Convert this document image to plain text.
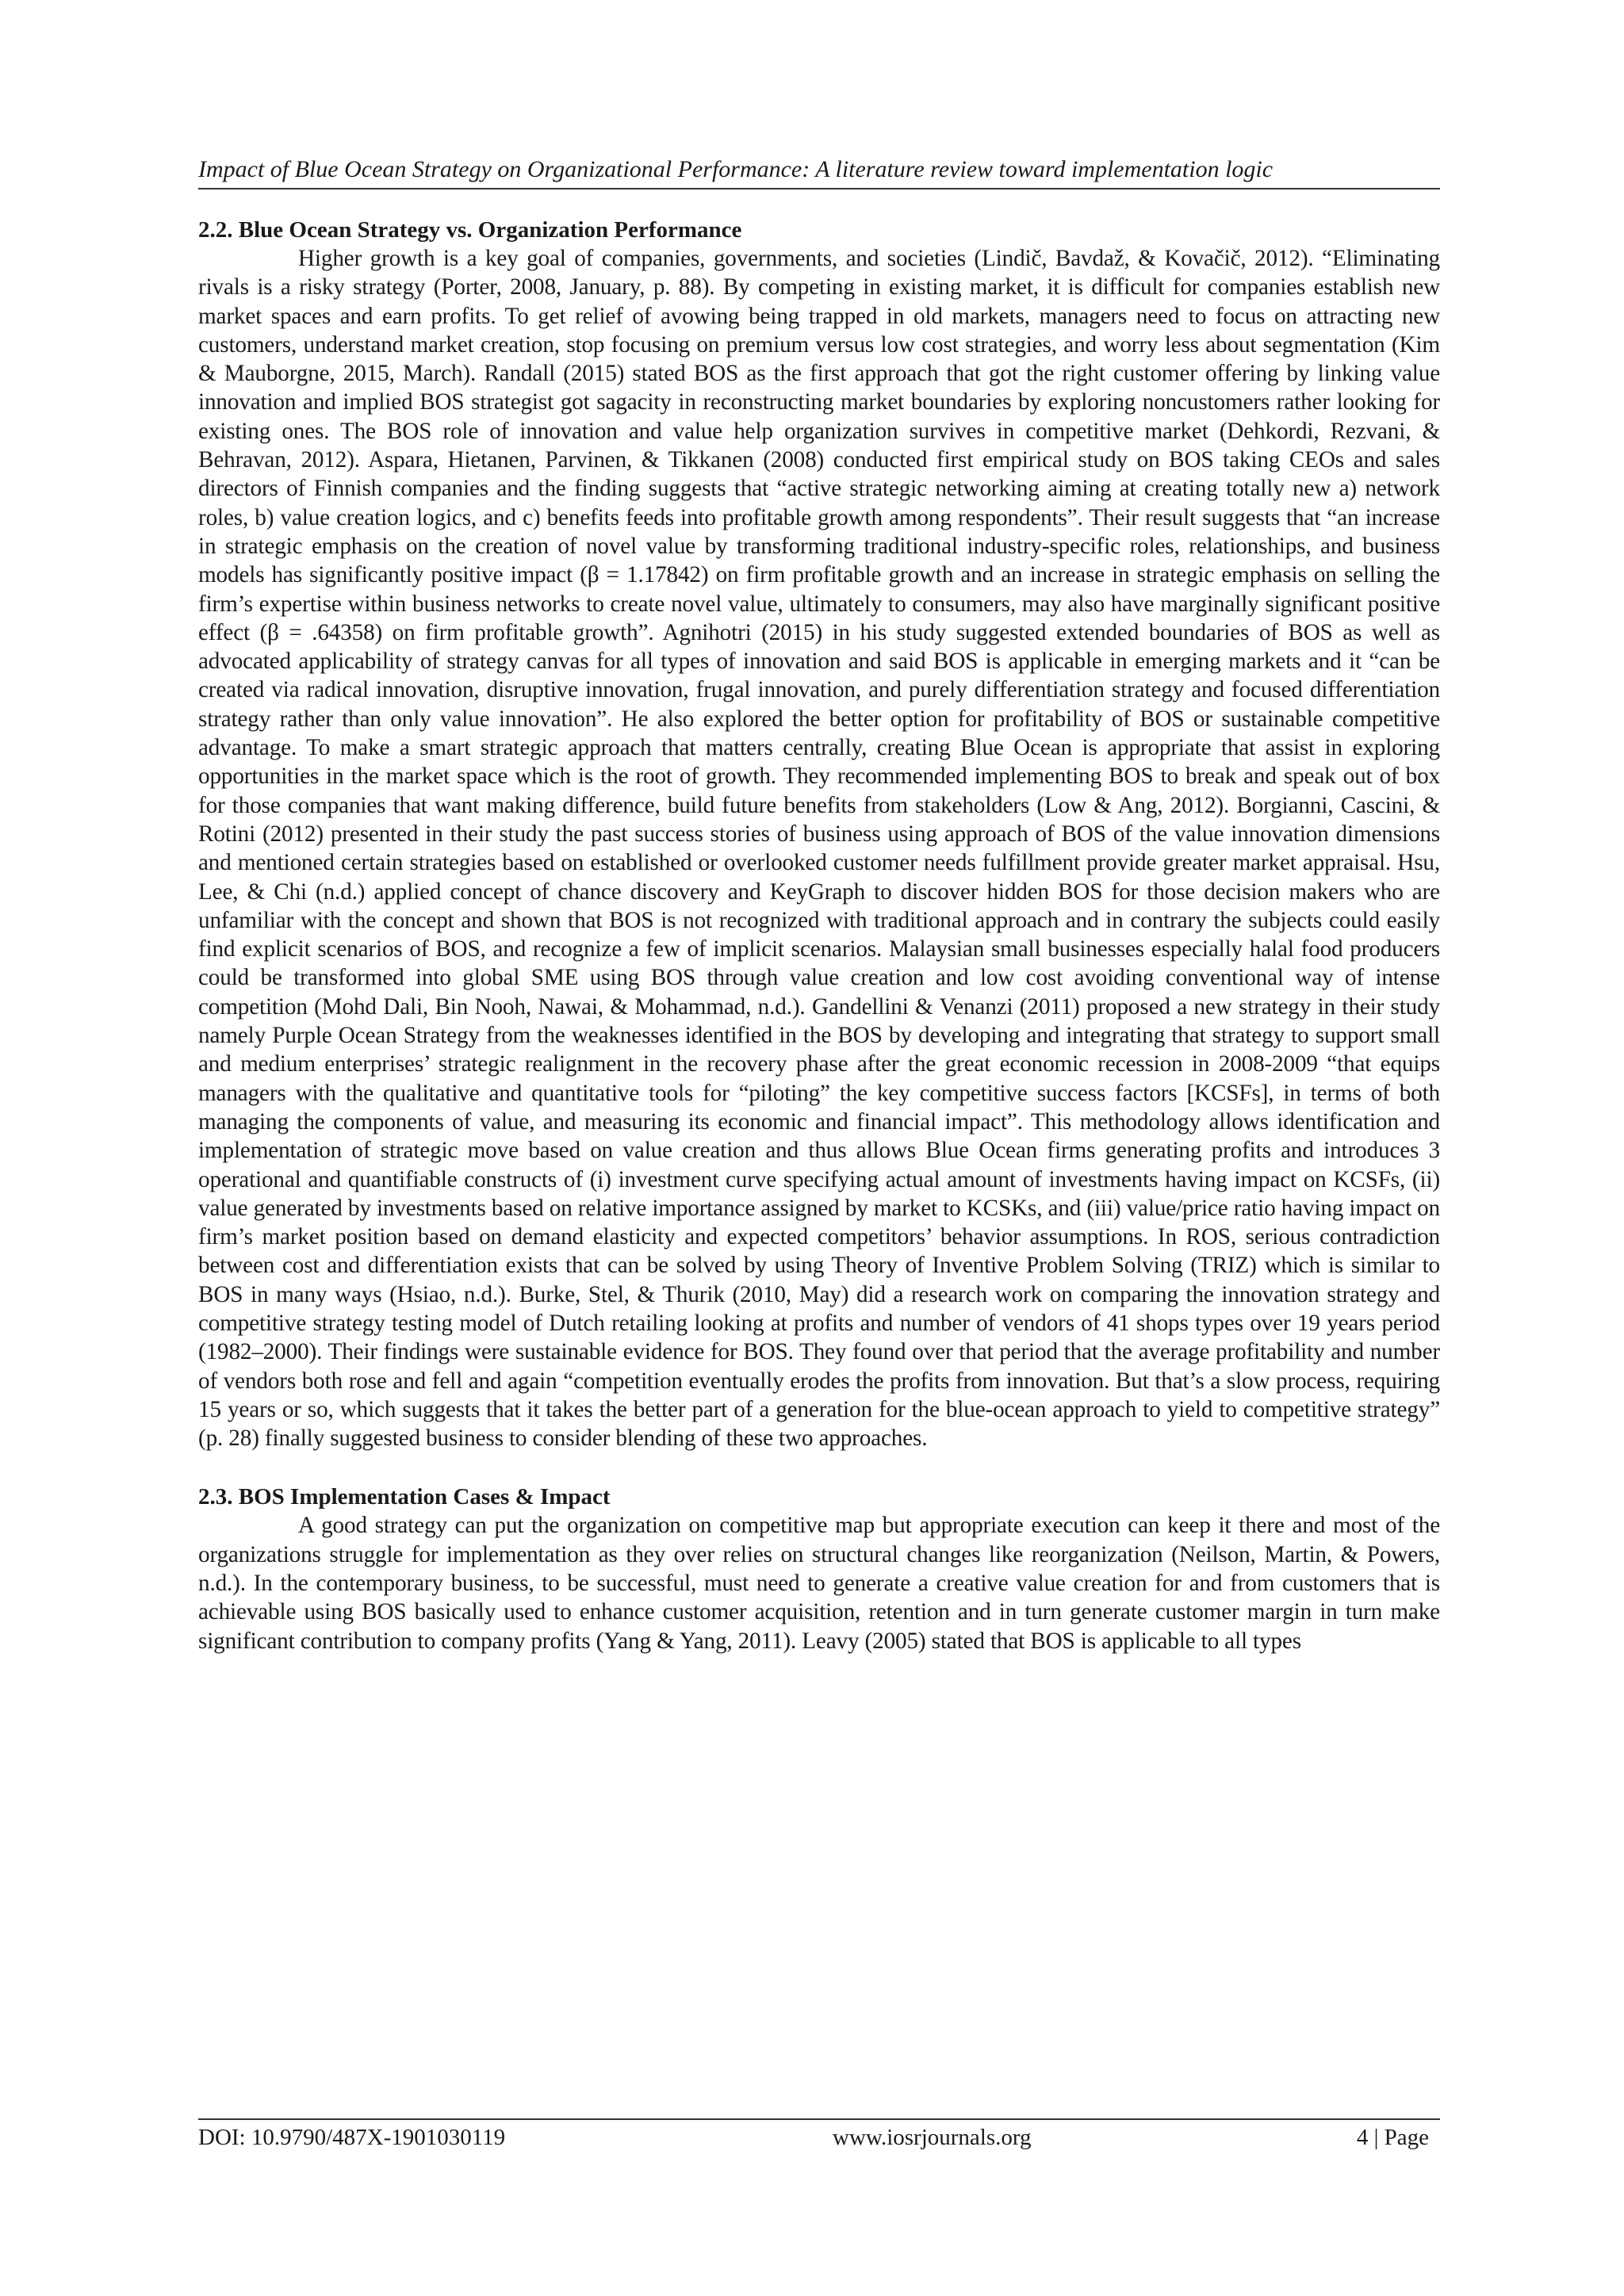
Impact of Blue Ocean Strategy on Organizational Performance: A literature review toward implementation logic
2.2. Blue Ocean Strategy vs. Organization Performance

Higher growth is a key goal of companies, governments, and societies (Lindič, Bavdaž, & Kovačič, 2012). “Eliminating rivals is a risky strategy (Porter, 2008, January, p. 88). By competing in existing market, it is difficult for companies establish new market spaces and earn profits. To get relief of avowing being trapped in old markets, managers need to focus on attracting new customers, understand market creation, stop focusing on premium versus low cost strategies, and worry less about segmentation (Kim & Mauborgne, 2015, March). Randall (2015) stated BOS as the first approach that got the right customer offering by linking value innovation and implied BOS strategist got sagacity in reconstructing market boundaries by exploring noncustomers rather looking for existing ones. The BOS role of innovation and value help organization survives in competitive market (Dehkordi, Rezvani, & Behravan, 2012). Aspara, Hietanen, Parvinen, & Tikkanen (2008) conducted first empirical study on BOS taking CEOs and sales directors of Finnish companies and the finding suggests that “active strategic networking aiming at creating totally new a) network roles, b) value creation logics, and c) benefits feeds into profitable growth among respondents”. Their result suggests that “an increase in strategic emphasis on the creation of novel value by transforming traditional industry-specific roles, relationships, and business models has significantly positive impact (β = 1.17842) on firm profitable growth and an increase in strategic emphasis on selling the firm’s expertise within business networks to create novel value, ultimately to consumers, may also have marginally significant positive effect (β = .64358) on firm profitable growth”. Agnihotri (2015) in his study suggested extended boundaries of BOS as well as advocated applicability of strategy canvas for all types of innovation and said BOS is applicable in emerging markets and it “can be created via radical innovation, disruptive innovation, frugal innovation, and purely differentiation strategy and focused differentiation strategy rather than only value innovation”. He also explored the better option for profitability of BOS or sustainable competitive advantage. To make a smart strategic approach that matters centrally, creating Blue Ocean is appropriate that assist in exploring opportunities in the market space which is the root of growth. They recommended implementing BOS to break and speak out of box for those companies that want making difference, build future benefits from stakeholders (Low & Ang, 2012). Borgianni, Cascini, & Rotini (2012) presented in their study the past success stories of business using approach of BOS of the value innovation dimensions and mentioned certain strategies based on established or overlooked customer needs fulfillment provide greater market appraisal. Hsu, Lee, & Chi (n.d.) applied concept of chance discovery and KeyGraph to discover hidden BOS for those decision makers who are unfamiliar with the concept and shown that BOS is not recognized with traditional approach and in contrary the subjects could easily find explicit scenarios of BOS, and recognize a few of implicit scenarios. Malaysian small businesses especially halal food producers could be transformed into global SME using BOS through value creation and low cost avoiding conventional way of intense competition (Mohd Dali, Bin Nooh, Nawai, & Mohammad, n.d.). Gandellini & Venanzi (2011) proposed a new strategy in their study namely Purple Ocean Strategy from the weaknesses identified in the BOS by developing and integrating that strategy to support small and medium enterprises’ strategic realignment in the recovery phase after the great economic recession in 2008-2009 “that equips managers with the qualitative and quantitative tools for “piloting” the key competitive success factors [KCSFs], in terms of both managing the components of value, and measuring its economic and financial impact”. This methodology allows identification and implementation of strategic move based on value creation and thus allows Blue Ocean firms generating profits and introduces 3 operational and quantifiable constructs of (i) investment curve specifying actual amount of investments having impact on KCSFs, (ii) value generated by investments based on relative importance assigned by market to KCSKs, and (iii) value/price ratio having impact on firm’s market position based on demand elasticity and expected competitors’ behavior assumptions. In ROS, serious contradiction between cost and differentiation exists that can be solved by using Theory of Inventive Problem Solving (TRIZ) which is similar to BOS in many ways (Hsiao, n.d.). Burke, Stel, & Thurik (2010, May) did a research work on comparing the innovation strategy and competitive strategy testing model of Dutch retailing looking at profits and number of vendors of 41 shops types over 19 years period (1982–2000). Their findings were sustainable evidence for BOS. They found over that period that the average profitability and number of vendors both rose and fell and again “competition eventually erodes the profits from innovation. But that’s a slow process, requiring 15 years or so, which suggests that it takes the better part of a generation for the blue-ocean approach to yield to competitive strategy” (p. 28) finally suggested business to consider blending of these two approaches.

2.3. BOS Implementation Cases & Impact

A good strategy can put the organization on competitive map but appropriate execution can keep it there and most of the organizations struggle for implementation as they over relies on structural changes like reorganization (Neilson, Martin, & Powers, n.d.). In the contemporary business, to be successful, must need to generate a creative value creation for and from customers that is achievable using BOS basically used to enhance customer acquisition, retention and in turn generate customer margin in turn make significant contribution to company profits (Yang & Yang, 2011). Leavy (2005) stated that BOS is applicable to all types

DOI: 10.9790/487X-1901030119	www.iosrjournals.org	4 | Page
